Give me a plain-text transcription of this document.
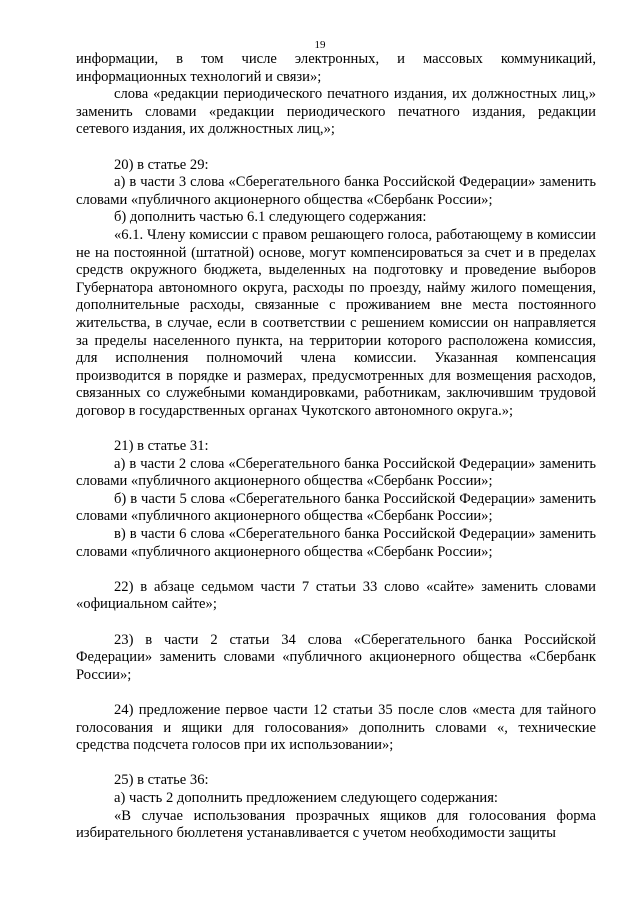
19

информации, в том числе электронных, и массовых коммуникаций, информационных технологий и связи»;

слова «редакции периодического печатного издания, их должностных лиц,» заменить словами «редакции периодического печатного издания, редакции сетевого издания, их должностных лиц,»;

20) в статье 29:

а) в части 3 слова «Сберегательного банка Российской Федерации» заменить словами «публичного акционерного общества «Сбербанк России»;

б) дополнить частью 6.1 следующего содержания:

«6.1. Члену комиссии с правом решающего голоса, работающему в комиссии не на постоянной (штатной) основе, могут компенсироваться за счет и в пределах средств окружного бюджета, выделенных на подготовку и проведение выборов Губернатора автономного округа, расходы по проезду, найму жилого помещения, дополнительные расходы, связанные с проживанием вне места постоянного жительства, в случае, если в соответствии с решением комиссии он направляется за пределы населенного пункта, на территории которого расположена комиссия, для исполнения полномочий члена комиссии. Указанная компенсация производится в порядке и размерах, предусмотренных для возмещения расходов, связанных со служебными командировками, работникам, заключившим трудовой договор в государственных органах Чукотского автономного округа.»;

21) в статье 31:

а) в части 2 слова «Сберегательного банка Российской Федерации» заменить словами «публичного акционерного общества «Сбербанк России»;

б) в части 5 слова «Сберегательного банка Российской Федерации» заменить словами «публичного акционерного общества «Сбербанк России»;

в) в части 6 слова «Сберегательного банка Российской Федерации» заменить словами «публичного акционерного общества «Сбербанк России»;

22) в абзаце седьмом части 7 статьи 33 слово «сайте» заменить словами «официальном сайте»;

23) в части 2 статьи 34 слова «Сберегательного банка Российской Федерации» заменить словами «публичного акционерного общества «Сбербанк России»;

24) предложение первое части 12 статьи 35 после слов «места для тайного голосования и ящики для голосования» дополнить словами «, технические средства подсчета голосов при их использовании»;

25) в статье 36:

а) часть 2 дополнить предложением следующего содержания:

«В случае использования прозрачных ящиков для голосования форма избирательного бюллетеня устанавливается с учетом необходимости защиты
